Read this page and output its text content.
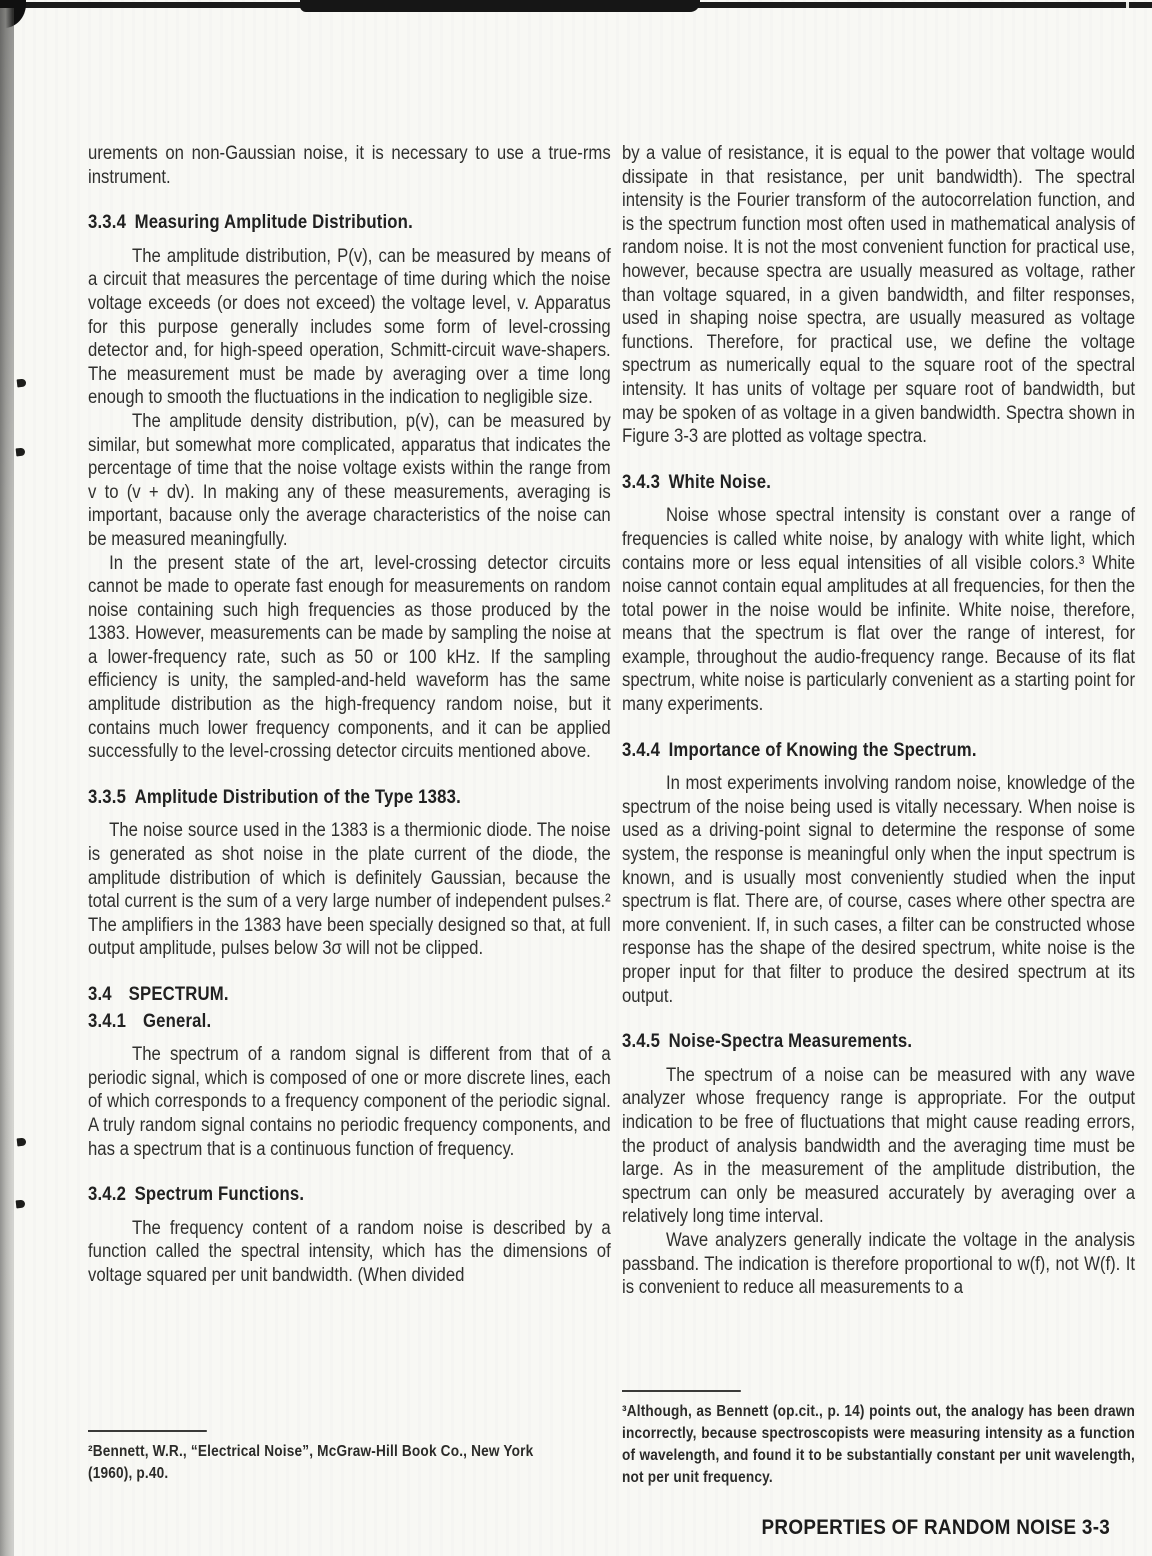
urements on non-Gaussian noise, it is necessary to use a true-rms instrument.

3.3.4 Measuring Amplitude Distribution.

The amplitude distribution, P(v), can be measured by means of a circuit that measures the percentage of time during which the noise voltage exceeds (or does not exceed) the voltage level, v. Apparatus for this purpose generally includes some form of level-crossing detector and, for high-speed operation, Schmitt-circuit wave-shapers. The measurement must be made by averaging over a time long enough to smooth the fluctuations in the indication to negligible size.

The amplitude density distribution, p(v), can be measured by similar, but somewhat more complicated, apparatus that indicates the percentage of time that the noise voltage exists within the range from v to (v + dv). In making any of these measurements, averaging is important, bacause only the average characteristics of the noise can be measured meaningfully.

In the present state of the art, level-crossing detector circuits cannot be made to operate fast enough for measurements on random noise containing such high frequencies as those produced by the 1383. However, measurements can be made by sampling the noise at a lower-frequency rate, such as 50 or 100 kHz. If the sampling efficiency is unity, the sampled-and-held waveform has the same amplitude distribution as the high-frequency random noise, but it contains much lower frequency components, and it can be applied successfully to the level-crossing detector circuits mentioned above.

3.3.5 Amplitude Distribution of the Type 1383.

The noise source used in the 1383 is a thermionic diode. The noise is generated as shot noise in the plate current of the diode, the amplitude distribution of which is definitely Gaussian, because the total current is the sum of a very large number of independent pulses.² The amplifiers in the 1383 have been specially designed so that, at full output amplitude, pulses below 3σ will not be clipped.

3.4 SPECTRUM.
3.4.1 General.

The spectrum of a random signal is different from that of a periodic signal, which is composed of one or more discrete lines, each of which corresponds to a frequency component of the periodic signal. A truly random signal contains no periodic frequency components, and has a spectrum that is a continuous function of frequency.

3.4.2 Spectrum Functions.

The frequency content of a random noise is described by a function called the spectral intensity, which has the dimensions of voltage squared per unit bandwidth. (When divided

by a value of resistance, it is equal to the power that voltage would dissipate in that resistance, per unit bandwidth). The spectral intensity is the Fourier transform of the autocorrelation function, and is the spectrum function most often used in mathematical analysis of random noise. It is not the most convenient function for practical use, however, because spectra are usually measured as voltage, rather than voltage squared, in a given bandwidth, and filter responses, used in shaping noise spectra, are usually measured as voltage functions. Therefore, for practical use, we define the voltage spectrum as numerically equal to the square root of the spectral intensity. It has units of voltage per square root of bandwidth, but may be spoken of as voltage in a given bandwidth. Spectra shown in Figure 3-3 are plotted as voltage spectra.

3.4.3 White Noise.

Noise whose spectral intensity is constant over a range of frequencies is called white noise, by analogy with white light, which contains more or less equal intensities of all visible colors.³ White noise cannot contain equal amplitudes at all frequencies, for then the total power in the noise would be infinite. White noise, therefore, means that the spectrum is flat over the range of interest, for example, throughout the audio-frequency range. Because of its flat spectrum, white noise is particularly convenient as a starting point for many experiments.

3.4.4 Importance of Knowing the Spectrum.

In most experiments involving random noise, knowledge of the spectrum of the noise being used is vitally necessary. When noise is used as a driving-point signal to determine the response of some system, the response is meaningful only when the input spectrum is known, and is usually most conveniently studied when the input spectrum is flat. There are, of course, cases where other spectra are more convenient. If, in such cases, a filter can be constructed whose response has the shape of the desired spectrum, white noise is the proper input for that filter to produce the desired spectrum at its output.

3.4.5 Noise-Spectra Measurements.

The spectrum of a noise can be measured with any wave analyzer whose frequency range is appropriate. For the output indication to be free of fluctuations that might cause reading errors, the product of analysis bandwidth and the averaging time must be large. As in the measurement of the amplitude distribution, the spectrum can only be measured accurately by averaging over a relatively long time interval.

Wave analyzers generally indicate the voltage in the analysis passband. The indication is therefore proportional to w(f), not W(f). It is convenient to reduce all measurements to a

²Bennett, W.R., “Electrical Noise”, McGraw-Hill Book Co., New York (1960), p.40.
³Although, as Bennett (op.cit., p. 14) points out, the analogy has been drawn incorrectly, because spectroscopists were measuring intensity as a function of wavelength, and found it to be substantially constant per unit wavelength, not per unit frequency.
PROPERTIES OF RANDOM NOISE 3-3
